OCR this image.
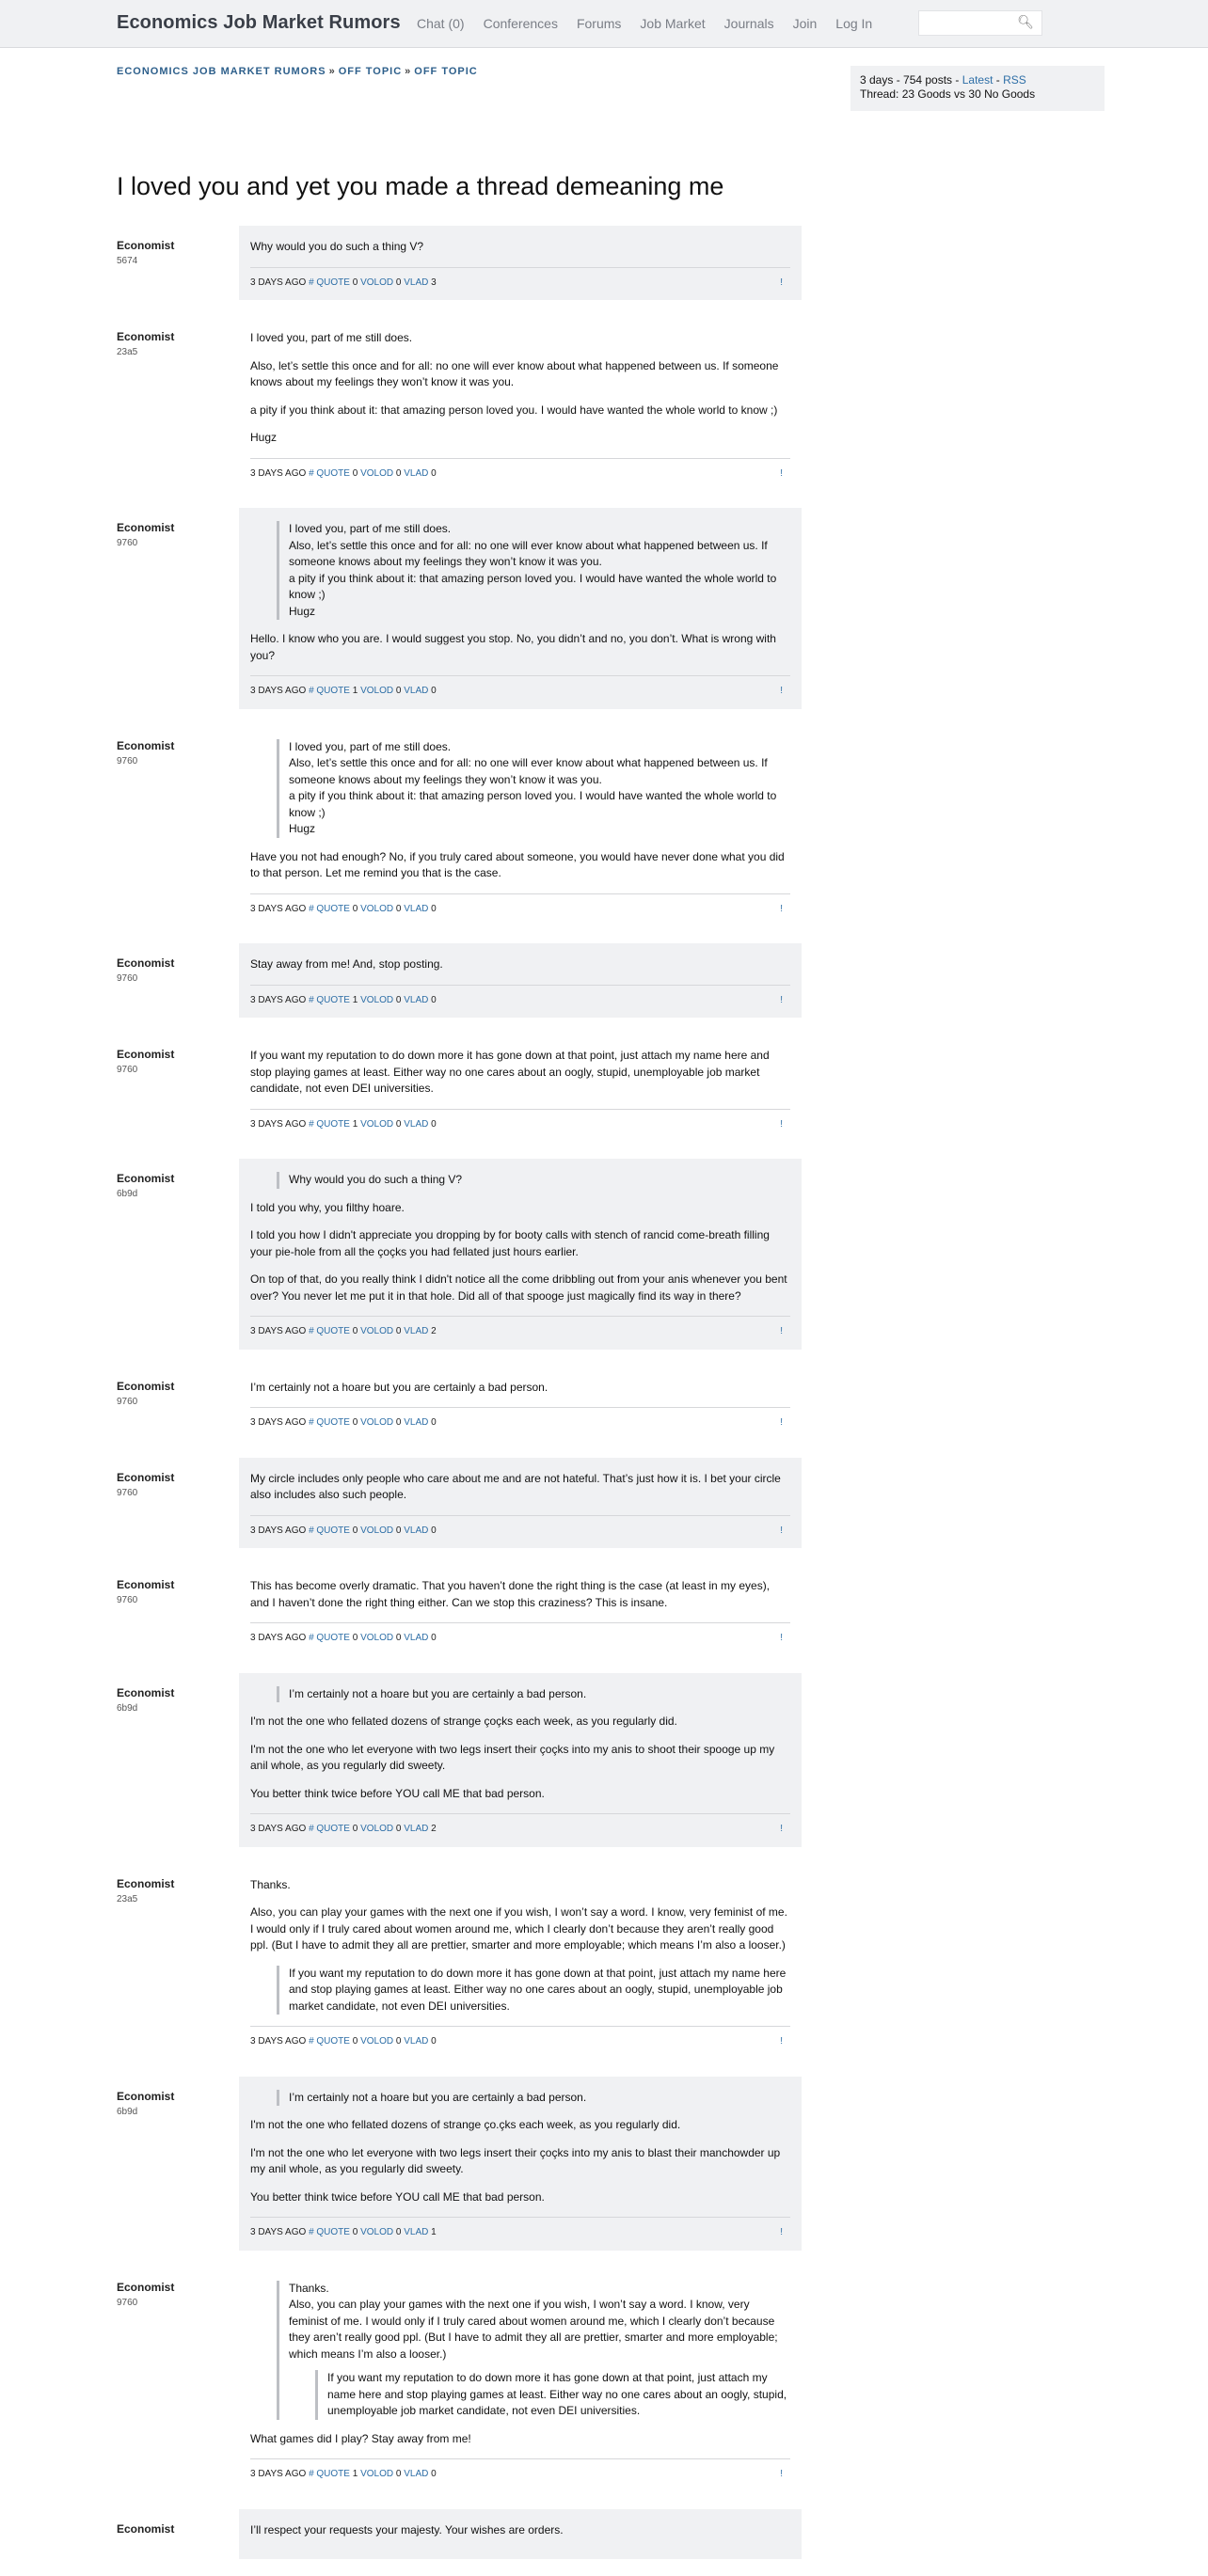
Economics Job Market Rumors Chat (0) Conferences Forums Job Market Journals Join Log In	🔍︎
ECONOMICS JOB MARKET RUMORS » OFF TOPIC » OFF TOPIC
3 days - 754 posts - Latest - RSS
Thread: 23 Goods vs 30 No Goods
I loved you and yet you made a thread demeaning me
Economist
5674

Why would you do such a thing V?

3 DAYS AGO # QUOTE 0 VOLOD 0 VLAD 3	!
Economist
23a5

I loved you, part of me still does.

Also, let’s settle this once and for all: no one will ever know about what happened between us. If someone knows about my feelings they won’t know it was you.

a pity if you think about it: that amazing person loved you. I would have wanted the whole world to know ;)

Hugz

3 DAYS AGO # QUOTE 0 VOLOD 0 VLAD 0	!
Economist
9760
I loved you, part of me still does.
Also, let’s settle this once and for all: no one will ever know about what happened between us. If someone knows about my feelings they won’t know it was you.
a pity if you think about it: that amazing person loved you. I would have wanted the whole world to know ;)
Hugz

Hello. I know who you are. I would suggest you stop. No, you didn’t and no, you don’t. What is wrong with you?

3 DAYS AGO # QUOTE 1 VOLOD 0 VLAD 0	!
Economist
9760
I loved you, part of me still does.
Also, let’s settle this once and for all: no one will ever know about what happened between us. If someone knows about my feelings they won’t know it was you.
a pity if you think about it: that amazing person loved you. I would have wanted the whole world to know ;)
Hugz

Have you not had enough? No, if you truly cared about someone, you would have never done what you did to that person. Let me remind you that is the case.

3 DAYS AGO # QUOTE 0 VOLOD 0 VLAD 0	!
Economist
9760

Stay away from me! And, stop posting.

3 DAYS AGO # QUOTE 1 VOLOD 0 VLAD 0	!
Economist
9760

If you want my reputation to do down more it has gone down at that point, just attach my name here and stop playing games at least. Either way no one cares about an oogly, stupid, unemployable job market candidate, not even DEI universities.

3 DAYS AGO # QUOTE 1 VOLOD 0 VLAD 0	!
Economist
6b9d
Why would you do such a thing V?

I told you why, you filthy hoare.

I told you how I didn't appreciate you dropping by for booty calls with stench of rancid come-breath filling your pie-hole from all the çoçks you had fellated just hours earlier.

On top of that, do you really think I didn't notice all the come dribbling out from your anis whenever you bent over? You never let me put it in that hole. Did all of that spooge just magically find its way in there?

3 DAYS AGO # QUOTE 0 VOLOD 0 VLAD 2	!
Economist
9760

I’m certainly not a hoare but you are certainly a bad person.

3 DAYS AGO # QUOTE 0 VOLOD 0 VLAD 0	!
Economist
9760

My circle includes only people who care about me and are not hateful. That’s just how it is. I bet your circle also includes also such people.

3 DAYS AGO # QUOTE 0 VOLOD 0 VLAD 0	!
Economist
9760

This has become overly dramatic. That you haven’t done the right thing is the case (at least in my eyes), and I haven’t done the right thing either. Can we stop this craziness? This is insane.

3 DAYS AGO # QUOTE 0 VOLOD 0 VLAD 0	!
Economist
6b9d
I’m certainly not a hoare but you are certainly a bad person.

I'm not the one who fellated dozens of strange çoçks each week, as you regularly did.

I'm not the one who let everyone with two legs insert their çoçks into my anis to shoot their spooge up my anil whole, as you regularly did sweety.

You better think twice before YOU call ME that bad person.

3 DAYS AGO # QUOTE 0 VOLOD 0 VLAD 2	!
Economist
23a5

Thanks.

Also, you can play your games with the next one if you wish, I won’t say a word. I know, very feminist of me. I would only if I truly cared about women around me, which I clearly don’t because they aren’t really good ppl. (But I have to admit they all are prettier, smarter and more employable; which means I’m also a looser.)

If you want my reputation to do down more it has gone down at that point, just attach my name here and stop playing games at least. Either way no one cares about an oogly, stupid, unemployable job market candidate, not even DEI universities.
3 DAYS AGO # QUOTE 0 VOLOD 0 VLAD 0	!
Economist
6b9d
I’m certainly not a hoare but you are certainly a bad person.

I'm not the one who fellated dozens of strange ço.çks each week, as you regularly did.

I'm not the one who let everyone with two legs insert their çoçks into my anis to blast their manchowder up my anil whole, as you regularly did sweety.

You better think twice before YOU call ME that bad person.

3 DAYS AGO # QUOTE 0 VOLOD 0 VLAD 1	!
Economist
9760
Thanks.
Also, you can play your games with the next one if you wish, I won’t say a word. I know, very feminist of me. I would only if I truly cared about women around me, which I clearly don’t because they aren’t really good ppl. (But I have to admit they all are prettier, smarter and more employable; which means I’m also a looser.)
If you want my reputation to do down more it has gone down at that point, just attach my name here and stop playing games at least. Either way no one cares about an oogly, stupid, unemployable job market candidate, not even DEI universities.

What games did I play? Stay away from me!

3 DAYS AGO # QUOTE 1 VOLOD 0 VLAD 0	!
Economist	I’ll respect your requests your majesty. Your wishes are orders.
